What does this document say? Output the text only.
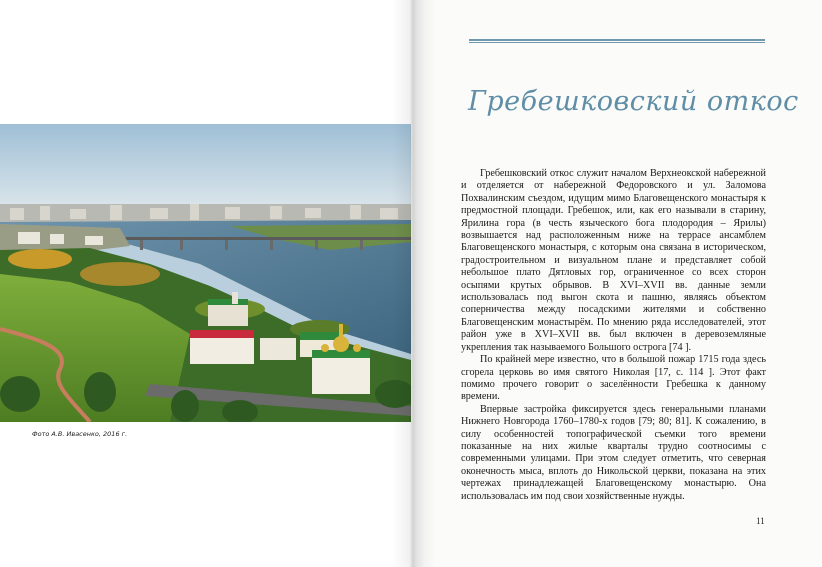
Фото А.В. Ивасенко, 2016 г.
Гребешковский откос

Гребешковский откос служит началом Верхнеокской набережной и отделяется от набережной Федоровского и ул. Заломова Похвалинским съездом, идущим мимо Благовещенского монастыря к предмостной площади. Гребешок, или, как его называли в старину, Ярилина гора (в честь языческого бога плодородия – Ярилы) возвышается над расположенным ниже на террасе ансамблем Благовещенского монастыря, с которым она связана в историческом, градостроительном и визуальном плане и представляет собой небольшое плато Дятловых гор, ограниченное со всех сторон осыпями крутых обрывов. В XVI–XVII вв. данные земли использовалась под выгон скота и пашню, являясь объектом соперничества между посадскими жителями и собственно Благовещенским монастырём. По мнению ряда исследователей, этот район уже в XVI–XVII вв. был включен в деревоземляные укрепления так называемого Большого острога [74 ].

По крайней мере известно, что в большой пожар 1715 года здесь сгорела церковь во имя святого Николая [17, с. 114 ]. Этот факт помимо прочего говорит о заселённости Гребешка к данному времени.

Впервые застройка фиксируется здесь генеральными планами Нижнего Новгорода 1760–1780-х годов [79; 80; 81]. К сожалению, в силу особенностей топографической съемки того времени показанные на них жилые кварталы трудно соотносимы с современными улицами. При этом следует отметить, что северная оконечность мыса, вплоть до Никольской церкви, показана на этих чертежах принадлежащей Благовещенскому монастырю. Она использовалась им под свои хозяйственные нужды.

11
